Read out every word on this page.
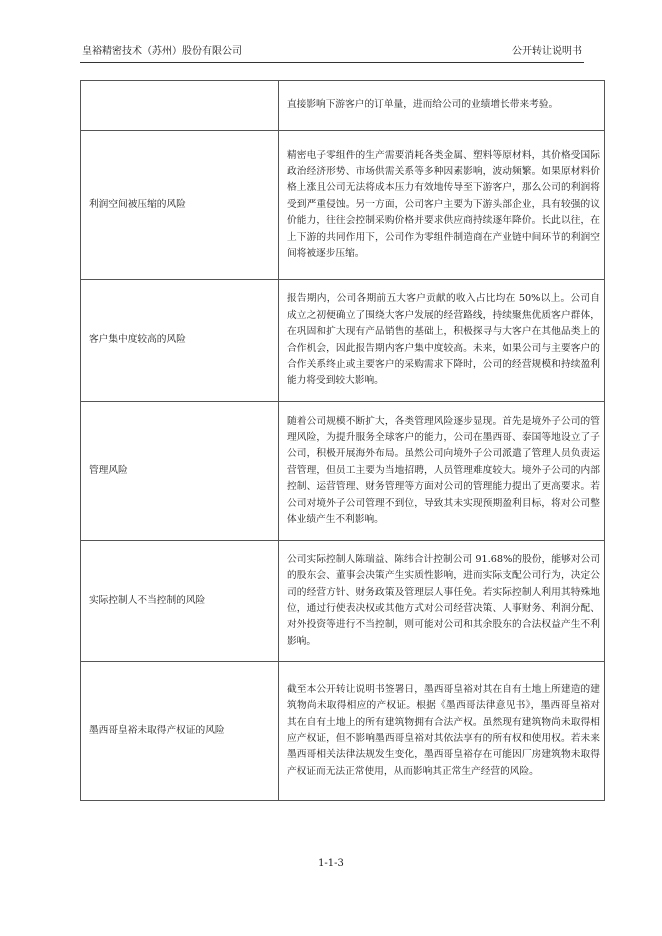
皇裕精密技术（苏州）股份有限公司	公开转让说明书
	直接影响下游客户的订单量，进而给公司的业绩增长带来考验。
利润空间被压缩的风险	精密电子零组件的生产需要消耗各类金属、塑料等原材料，其价格受国际政治经济形势、市场供需关系等多种因素影响，波动频繁。如果原材料价格上涨且公司无法将成本压力有效地传导至下游客户，那么公司的利润将受到严重侵蚀。另一方面，公司客户主要为下游头部企业，具有较强的议价能力，往往会控制采购价格并要求供应商持续逐年降价。长此以往，在上下游的共同作用下，公司作为零组件制造商在产业链中间环节的利润空间将被逐步压缩。
客户集中度较高的风险	报告期内，公司各期前五大客户贡献的收入占比均在 50%以上。公司自成立之初便确立了围绕大客户发展的经营路线，持续聚焦优质客户群体，在巩固和扩大现有产品销售的基础上，积极探寻与大客户在其他品类上的合作机会，因此报告期内客户集中度较高。未来，如果公司与主要客户的合作关系终止或主要客户的采购需求下降时，公司的经营规模和持续盈利能力将受到较大影响。
管理风险	随着公司规模不断扩大，各类管理风险逐步显现。首先是境外子公司的管理风险，为提升服务全球客户的能力，公司在墨西哥、泰国等地设立了子公司，积极开展海外布局。虽然公司向境外子公司派遣了管理人员负责运营管理，但员工主要为当地招聘，人员管理难度较大。境外子公司的内部控制、运营管理、财务管理等方面对公司的管理能力提出了更高要求。若公司对境外子公司管理不到位，导致其未实现预期盈利目标，将对公司整体业绩产生不利影响。
实际控制人不当控制的风险	公司实际控制人陈瑞益、陈纬合计控制公司 91.68%的股份，能够对公司的股东会、董事会决策产生实质性影响，进而实际支配公司行为，决定公司的经营方针、财务政策及管理层人事任免。若实际控制人利用其特殊地位，通过行使表决权或其他方式对公司经营决策、人事财务、利润分配、对外投资等进行不当控制，则可能对公司和其余股东的合法权益产生不利影响。
墨西哥皇裕未取得产权证的风险	截至本公开转让说明书签署日，墨西哥皇裕对其在自有土地上所建造的建筑物尚未取得相应的产权证。根据《墨西哥法律意见书》，墨西哥皇裕对其在自有土地上的所有建筑物拥有合法产权。虽然现有建筑物尚未取得相应产权证，但不影响墨西哥皇裕对其依法享有的所有权和使用权。若未来墨西哥相关法律法规发生变化，墨西哥皇裕存在可能因厂房建筑物未取得产权证而无法正常使用，从而影响其正常生产经营的风险。
1-1-3
